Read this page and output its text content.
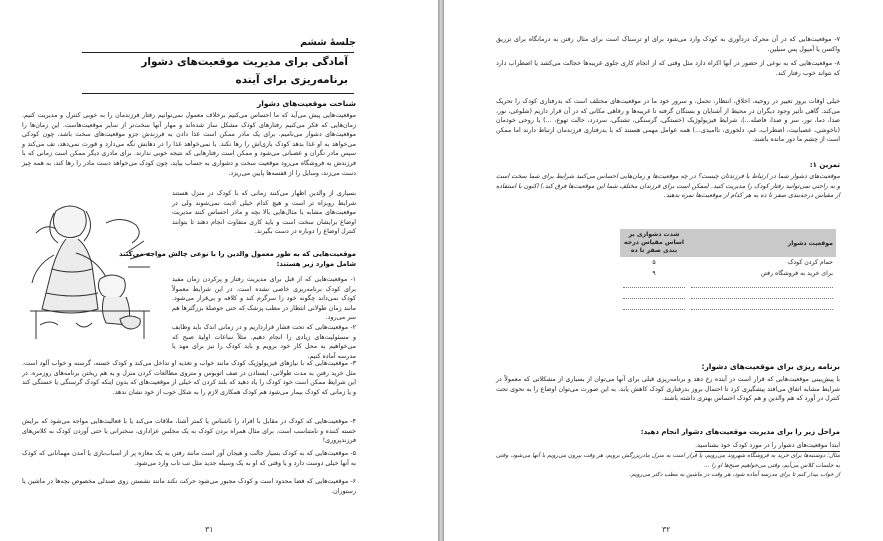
جلسهٔ ششم
آمادگی برای مدیریت موقعیت‌های دشوار
برنامه‌ریزی برای آینده
شناخت موقعیت‌های دشوار

موقعیت‌هایی پیش می‌آید که ما احساس می‌کنیم برخلاف معمول نمی‌توانیم رفتار فرزندمان را به خوبی کنترل و مدیریت کنیم. زمان‌هایی که فکر می‌کنیم رفتارهای کودک مشکل ساز شده‌اند و مهار آنها سخت‌تر از سایر موقعیت‌هاست. این زمان‌ها را موقعیت‌های دشوار می‌نامیم. برای یک مادر ممکن است غذا دادن به فرزندش جزو موقعیت‌های سخت باشد، چون کودکی می‌خواهد به او غذا بدهد کودک بازی‌اش را رها نکند. یا نمی‌خواهد غذا را در دهانش نگه می‌دارد و قورت نمی‌دهد، تف می‌کند و سپس مادر نگران و عصبانی می‌شود و ممکن است رفتارهایی که نتیجه خوبی ندارند. برای مادری دیگر ممکن است زمانی که با فرزندش به فروشگاه می‌رود موقعیت سخت و دشواری به حساب بیاید، چون کودک می‌خواهد دست مادر را رها کند، به همه چیز دست می‌زند، وسایل را از قفسه‌ها پایین می‌ریزد.

بسیاری از والدین اظهار می‌کنند زمانی که با کودک در منزل هستند شرایط روبراه تر است و هیچ کدام خیلی اذیت نمی‌شوند ولی در موقعیت‌های مشابه یا مثال‌هایی بالا بچه و مادر احساس کنند مدیریت اوضاع برایشان سخت است و باید کاری متفاوت انجام دهند تا بتوانند کنترل اوضاع را دوباره در دست بگیرند.

موقعیت‌هایی که به طور معمول والدین را با نوعی چالش مواجه می‌کنند شامل موارد زیر هستند:

۱- موقعیت‌هایی که از قبل برای مدیریت رفتار و پرکردن زمان مفید برای کودک برنامه‌ریزی خاصی نشده است. در این شرایط معمولاً کودک نمی‌داند چگونه خود را سرگرم کند و کلافه و بی‌قرار می‌شود. مانند زمان طولانی انتظار در مطب پزشک که حتی حوصلهٔ بزرگترها هم سر می‌رود.

۲- موقعیت‌هایی که تحت فشار قرارداریم و در زمانی اندک باید وظایف و مسئولیت‌های زیادی را انجام دهیم. مثلاً ساعات اولیهٔ صبح که می‌خواهیم به محل کار خود برویم و باید کودک را نیز برای مهد یا مدرسه آماده کنیم.

۳- موقعیت‌هایی که با نیازهای فیزیولوژیک کودک مانند خواب و تغذیه او تداخل می‌کند و کودک خسته، گرسنه و خواب آلود است. مثل خرید رفتن به مدت طولانی، ایستادن در صف اتوبوس و متروی مطالعات کردن منزل و به هم ریختن برنامه‌های روزمره. در این شرایط ممکن است خود کودک را یاد دهید که بلند کردن که خیلی از موقعیت‌های که بدون اینکه کودک گرسنگی یا خستگی کند و یا زمانی که کودک بیمار می‌شود هم کودک همکاری لازم را به شکل خوب از خود نشان ندهد.

۴- موقعیت‌هایی که کودک در مقابل با افراد را ناشناس یا کمتر آشنا، ملاقات می‌کند یا با فعالیت‌هایی مواجه می‌شود که برایش خسته کننده و نامتناسب است. برای مثال همراه بردن کودک به یک مجلس عزاداری، سخنرانی یا حتی آوردن کودک به کلاس‌های فرزندپروری!

۵- موقعیت‌هایی که به کودک بسیار جالب و هیجان آور است مانند رفتن به یک مغازه پر از اسباب‌بازی یا آمدن مهمانانی که کودک به آنها خیلی دوست دارد و یا وقتی که او به یک وسیله جدید مثل تب تاب وارد می‌شود.

۶- موقعیت‌هایی که فضا محدود است و کودک مجبور می‌شود حرکت نکند مانند نشستن روی صندلی مخصوص بچه‌ها در ماشین یا رستوران.

۳۱

۷- موقعیت‌هایی که در آن محرک دردآوری به کودک وارد می‌شود برای او ترسناک است برای مثال رفتن به درمانگاه برای تزریق واکسن یا آمپول پس سیلین.

۸- موقعیت‌هایی که به نوعی از حضور در آنها اکراه دارد مثل وقتی که از انجام کاری جلوی غریبه‌ها خجالت می‌کشد یا اضطراب دارد که نتواند خوب رفتار کند.

خیلی اوقات بروز تغییر در روحیه، اخلاق، انتظار، تحمل، و سرور خود ما در موقعیت‌های مختلف است که بدرفتاری کودک را تحریک می‌کند. گاهی تأثیر وجود دیگران در محیط از آشنایان و بستگان گرفته تا غریبه‌ها و رفاهی مکانی که در آن قرار داریم (شلوغی، نور، صدا، دما، نور، سر و صدا، فاصله...)، شرایط فیزیولوژیک (خستگی، گرسنگی، تشنگی، سردرد، حالت تهوع، ...) یا روحی خودمان (ناخوشی، عصبانیت، اضطراب، غم، دلخوری، ناامیدی...) همه عوامل مهمی هستند که با بدرفتاری فرزندمان ارتباط دارند اما ممکن است از چشم ما دور مانده باشند.

تمرین ۱:

موقعیت‌های دشوار شما در ارتباط با فرزندتان چیست؟ در چه موقعیت‌ها و زمان‌هایی احساس می‌کنید شرایط برای شما سخت است و به راحتی نمی‌توانید رفتار کودک را مدیریت کنید. (ممکن است برای فرزندان مختلف شما این موقعیت‌ها فرق کند.) اکنون با استفاده از مقیاس درجه‌بندی صفر تا ده به هر کدام از موقعیت‌ها نمره بدهید.

موقعیت دشوار	شدت دشواری بر اساس مقیاس درجه بندی صفر تا ده
حمام کردن کودک	۵
برای خرید به فروشگاه رفتن	۹

برنامه ریزی برای موقعیت‌های دشوار:

با پیش‌بینی موقعیت‌هایی که قرار است در آینده رخ دهد و برنامه‌ریزی قبلی برای آنها می‌توان از بسیاری از مشکلاتی که معمولاً در شرایط مشابه اتفاق می‌افتد پیشگیری کرد تا احتمال بروز بدرفتاری کودک کاهش یابد. به این صورت می‌توان اوضاع را به نحوی تحت کنترل در آورد که هم والدین و هم کودک احساس بهتری داشته باشند.

مراحل زیر را برای مدیریت موقعیت‌های دشوار انجام دهید:
ابتدا موقعیت‌های دشوار را در مورد کودک خود بشناسید.

مثال: دوشنبه‌ها برای خرید به فروشگاه شهروند می‌رویم، یا قرار است به منزل مادربزرگش برویم، هر وقت بیرون می‌رویم با آنها می‌شود، وقتی به جلسات کلاس می‌آیم، وقتی می‌خواهیم صبح‌ها او را ...

از خواب بیدار کنم تا برای مدرسه آماده شود، هر وقت در ماشین به مطب دکتر می‌رویم.

۳۲
